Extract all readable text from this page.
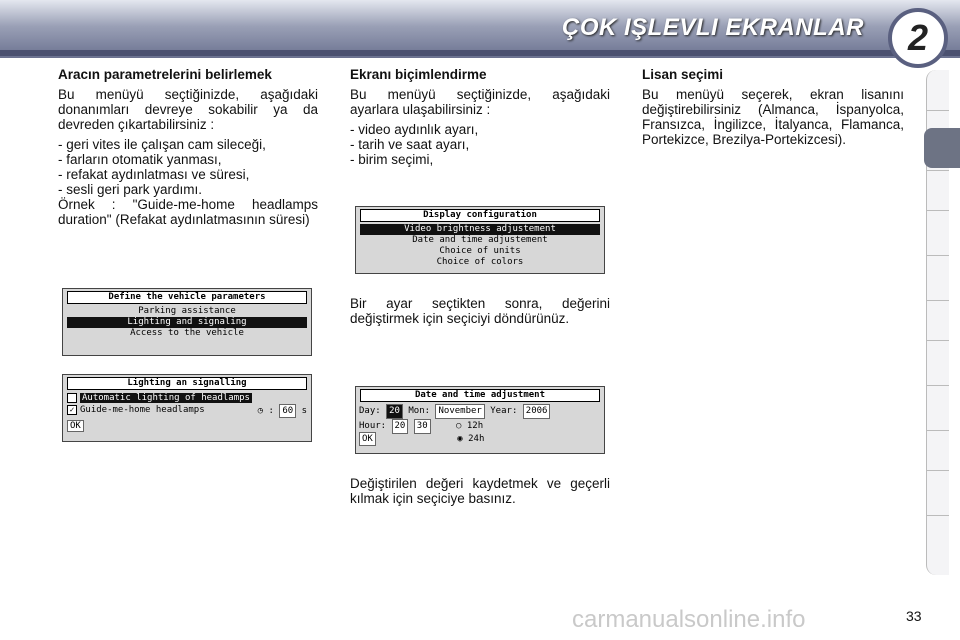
ÇOK IŞLEVLI EKRANLAR 2

Aracın parametrelerini belirlemek

Bu menüyü seçtiğinizde, aşağıdaki donanımları devreye sokabilir ya da devreden çıkartabilirsiniz :

- geri vites ile çalışan cam sileceği,
- farların otomatik yanması,
- refakat aydınlatması ve süresi,
- sesli geri park yardımı.

Örnek : "Guide-me-home headlamps duration" (Refakat aydınlatmasının süresi)

Ekranı biçimlendirme

Bu menüyü seçtiğinizde, aşağıdaki ayarlara ulaşabilirsiniz :

- video aydınlık ayarı,
- tarih ve saat ayarı,
- birim seçimi,

Bir ayar seçtikten sonra, değerini değiştirmek için seçiciyi döndürünüz.

Değiştirilen değeri kaydetmek ve geçerli kılmak için seçiciye basınız.

Lisan seçimi

Bu menüyü seçerek, ekran lisanını değiştirebilirsiniz (Almanca, İspanyolca, Fransızca, İngilizce, İtalyanca, Flamanca, Portekizce, Brezilya-Portekizcesi).

Define the vehicle parameters
Parking assistance
Lighting and signaling
Access to the vehicle
Lighting an signalling
Automatic lighting of headlamps
✓ Guide-me-home headlamps	◷ : 60 s
OK
Display configuration
Video brightness adjustement
Date and time adjustement
Choice of units
Choice of colors
Date and time adjustment
Day: 20 Mon: November Year: 2006
Hour: 20 30	○ 12h
OK	◉ 24h
carmanualsonline.info	33
